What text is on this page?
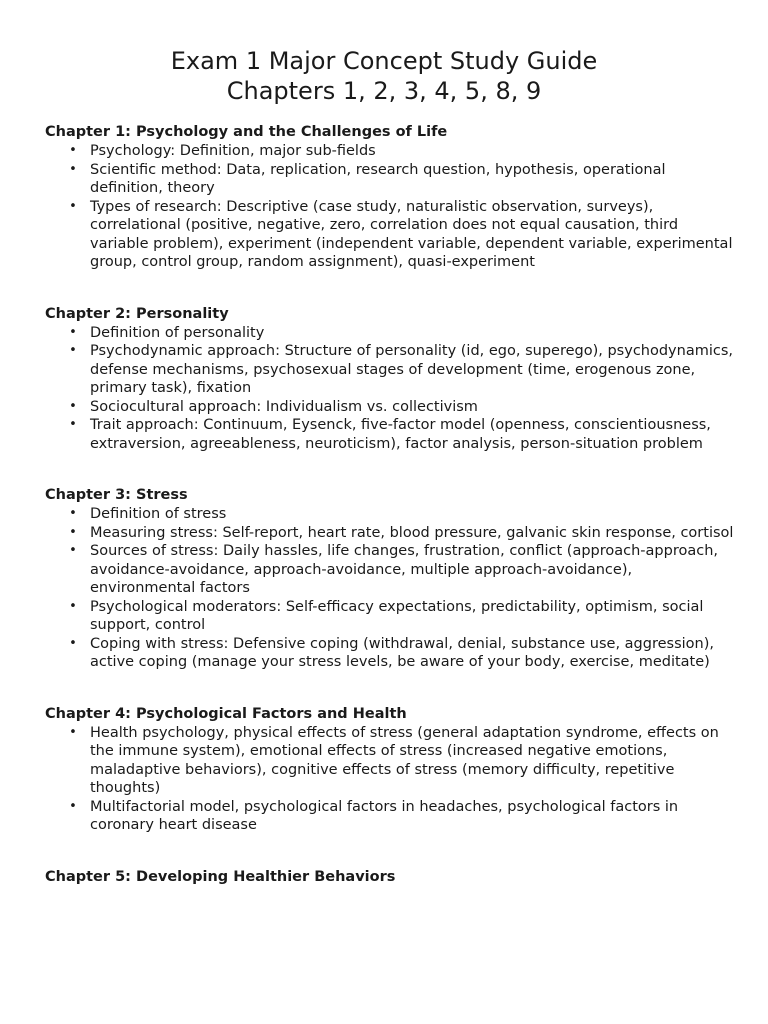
Exam 1 Major Concept Study Guide

Chapters 1, 2, 3, 4, 5, 8, 9

Chapter 1: Psychology and the Challenges of Life

• Psychology: Definition, major sub-fields
• Scientific method: Data, replication, research question, hypothesis, operational definition, theory
• Types of research: Descriptive (case study, naturalistic observation, surveys), correlational (positive, negative, zero, correlation does not equal causation, third variable problem), experiment (independent variable, dependent variable, experimental group, control group, random assignment), quasi-experiment

Chapter 2: Personality

• Definition of personality
• Psychodynamic approach: Structure of personality (id, ego, superego), psychodynamics, defense mechanisms, psychosexual stages of development (time, erogenous zone, primary task), fixation
• Sociocultural approach: Individualism vs. collectivism
• Trait approach: Continuum, Eysenck, five-factor model (openness, conscientiousness, extraversion, agreeableness, neuroticism), factor analysis, person-situation problem

Chapter 3: Stress

• Definition of stress
• Measuring stress: Self-report, heart rate, blood pressure, galvanic skin response, cortisol
• Sources of stress: Daily hassles, life changes, frustration, conflict (approach-approach, avoidance-avoidance, approach-avoidance, multiple approach-avoidance), environmental factors
• Psychological moderators: Self-efficacy expectations, predictability, optimism, social support, control
• Coping with stress: Defensive coping (withdrawal, denial, substance use, aggression), active coping (manage your stress levels, be aware of your body, exercise, meditate)

Chapter 4: Psychological Factors and Health

• Health psychology, physical effects of stress (general adaptation syndrome, effects on the immune system), emotional effects of stress (increased negative emotions, maladaptive behaviors), cognitive effects of stress (memory difficulty, repetitive thoughts)
• Multifactorial model, psychological factors in headaches, psychological factors in coronary heart disease

Chapter 5: Developing Healthier Behaviors
